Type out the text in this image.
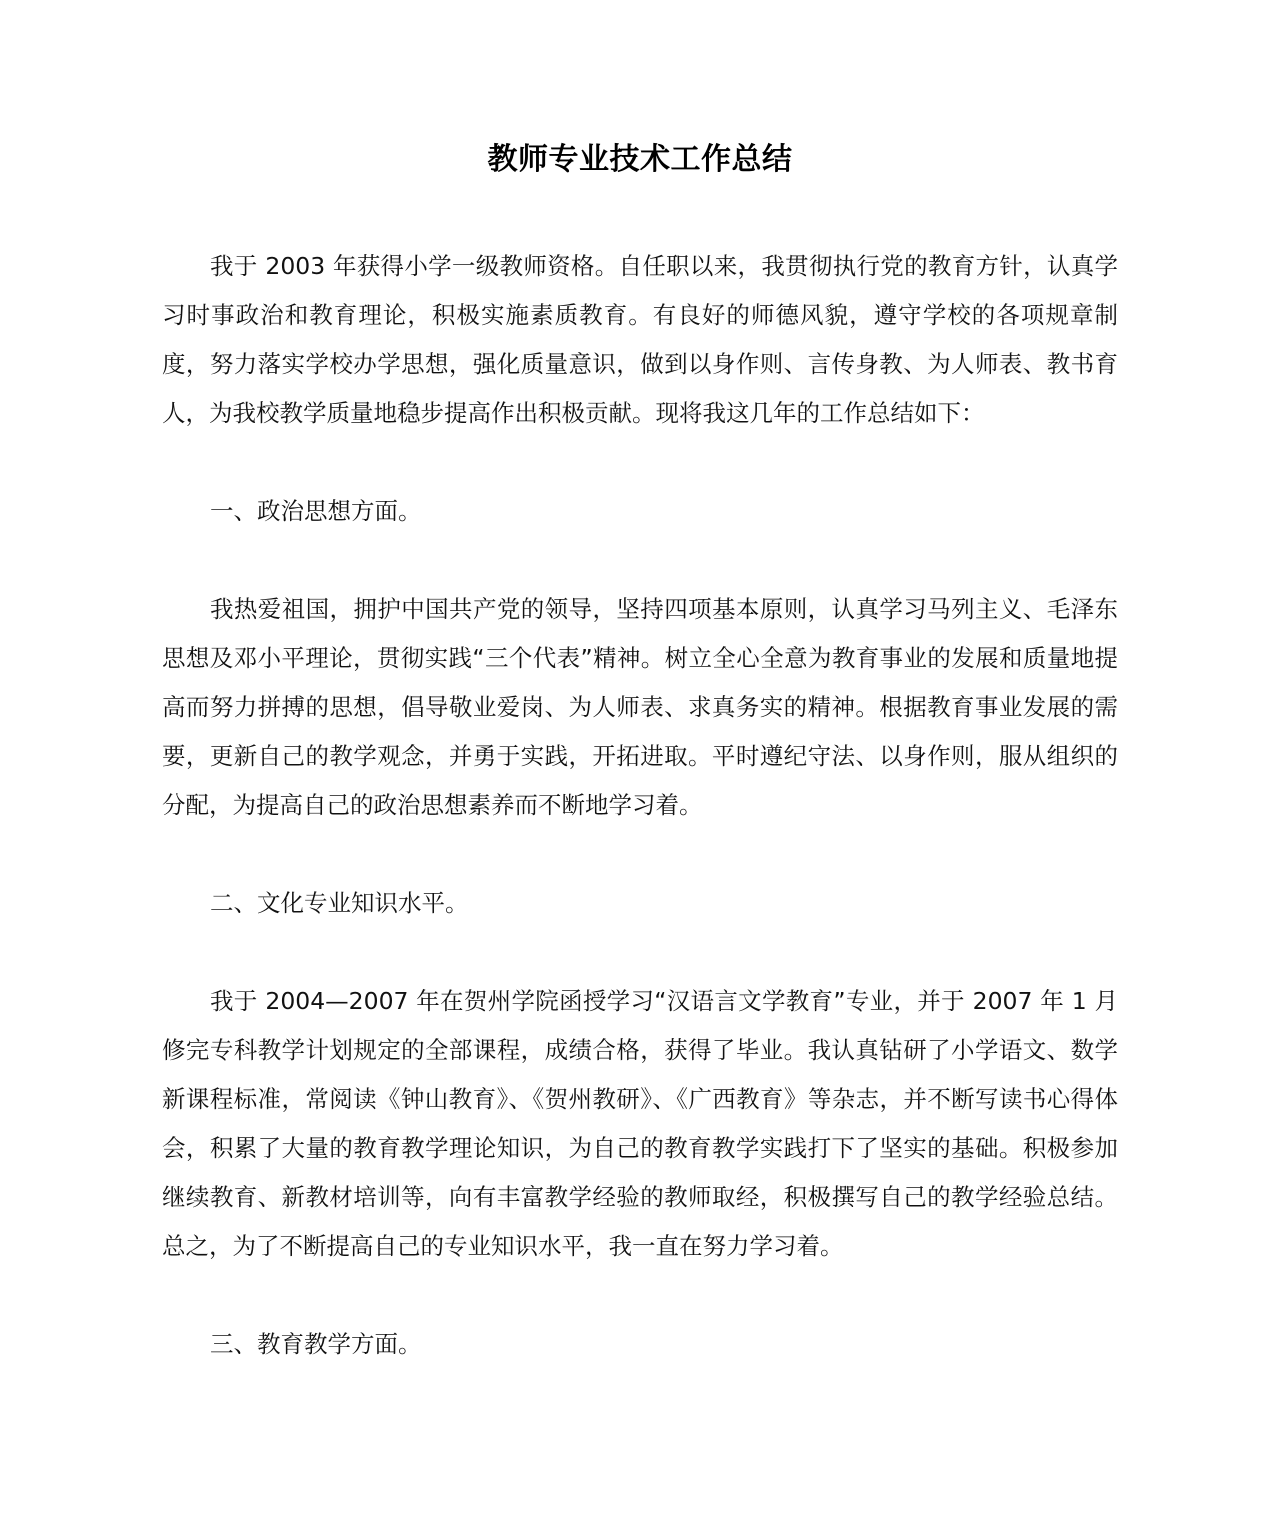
教师专业技术工作总结

我于 2003 年获得小学一级教师资格。自任职以来，我贯彻执行党的教育方针，认真学习时事政治和教育理论，积极实施素质教育。有良好的师德风貌，遵守学校的各项规章制度，努力落实学校办学思想，强化质量意识，做到以身作则、言传身教、为人师表、教书育人，为我校教学质量地稳步提高作出积极贡献。现将我这几年的工作总结如下：

一、政治思想方面。

我热爱祖国，拥护中国共产党的领导，坚持四项基本原则，认真学习马列主义、毛泽东思想及邓小平理论，贯彻实践“三个代表”精神。树立全心全意为教育事业的发展和质量地提高而努力拼搏的思想，倡导敬业爱岗、为人师表、求真务实的精神。根据教育事业发展的需要，更新自己的教学观念，并勇于实践，开拓进取。平时遵纪守法、以身作则，服从组织的分配，为提高自己的政治思想素养而不断地学习着。

二、文化专业知识水平。

我于 2004—2007 年在贺州学院函授学习“汉语言文学教育”专业，并于 2007 年 1 月修完专科教学计划规定的全部课程，成绩合格，获得了毕业。我认真钻研了小学语文、数学新课程标准，常阅读《钟山教育》、《贺州教研》、《广西教育》等杂志，并不断写读书心得体会，积累了大量的教育教学理论知识，为自己的教育教学实践打下了坚实的基础。积极参加继续教育、新教材培训等，向有丰富教学经验的教师取经，积极撰写自己的教学经验总结。总之，为了不断提高自己的专业知识水平，我一直在努力学习着。

三、教育教学方面。
